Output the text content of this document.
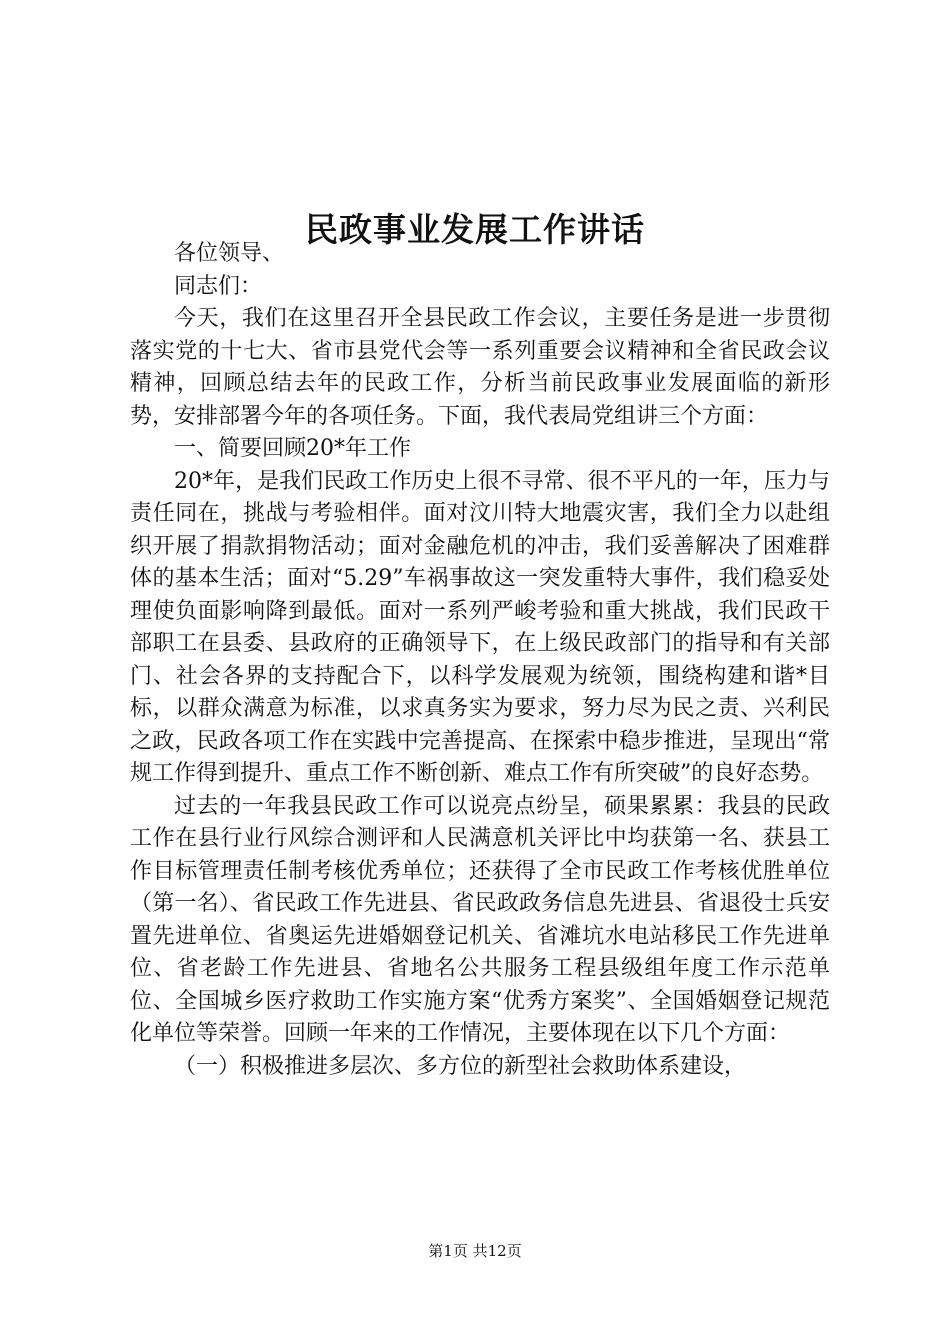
民政事业发展工作讲话

各位领导、

同志们：

今天，我们在这里召开全县民政工作会议，主要任务是进一步贯彻落实党的十七大、省市县党代会等一系列重要会议精神和全省民政会议精神，回顾总结去年的民政工作，分析当前民政事业发展面临的新形势，安排部署今年的各项任务。下面，我代表局党组讲三个方面：

一、简要回顾20*年工作

20*年，是我们民政工作历史上很不寻常、很不平凡的一年，压力与责任同在，挑战与考验相伴。面对汶川特大地震灾害，我们全力以赴组织开展了捐款捐物活动；面对金融危机的冲击，我们妥善解决了困难群体的基本生活；面对“5.29”车祸事故这一突发重特大事件，我们稳妥处理使负面影响降到最低。面对一系列严峻考验和重大挑战，我们民政干部职工在县委、县政府的正确领导下，在上级民政部门的指导和有关部门、社会各界的支持配合下，以科学发展观为统领，围绕构建和谐*目标，以群众满意为标准，以求真务实为要求，努力尽为民之责、兴利民之政，民政各项工作在实践中完善提高、在探索中稳步推进，呈现出“常规工作得到提升、重点工作不断创新、难点工作有所突破”的良好态势。

过去的一年我县民政工作可以说亮点纷呈，硕果累累：我县的民政工作在县行业行风综合测评和人民满意机关评比中均获第一名、获县工作目标管理责任制考核优秀单位；还获得了全市民政工作考核优胜单位（第一名）、省民政工作先进县、省民政政务信息先进县、省退役士兵安置先进单位、省奥运先进婚姻登记机关、省滩坑水电站移民工作先进单位、省老龄工作先进县、省地名公共服务工程县级组年度工作示范单位、全国城乡医疗救助工作实施方案“优秀方案奖”、全国婚姻登记规范化单位等荣誉。回顾一年来的工作情况，主要体现在以下几个方面：

（一）积极推进多层次、多方位的新型社会救助体系建设，

第1页 共12页
